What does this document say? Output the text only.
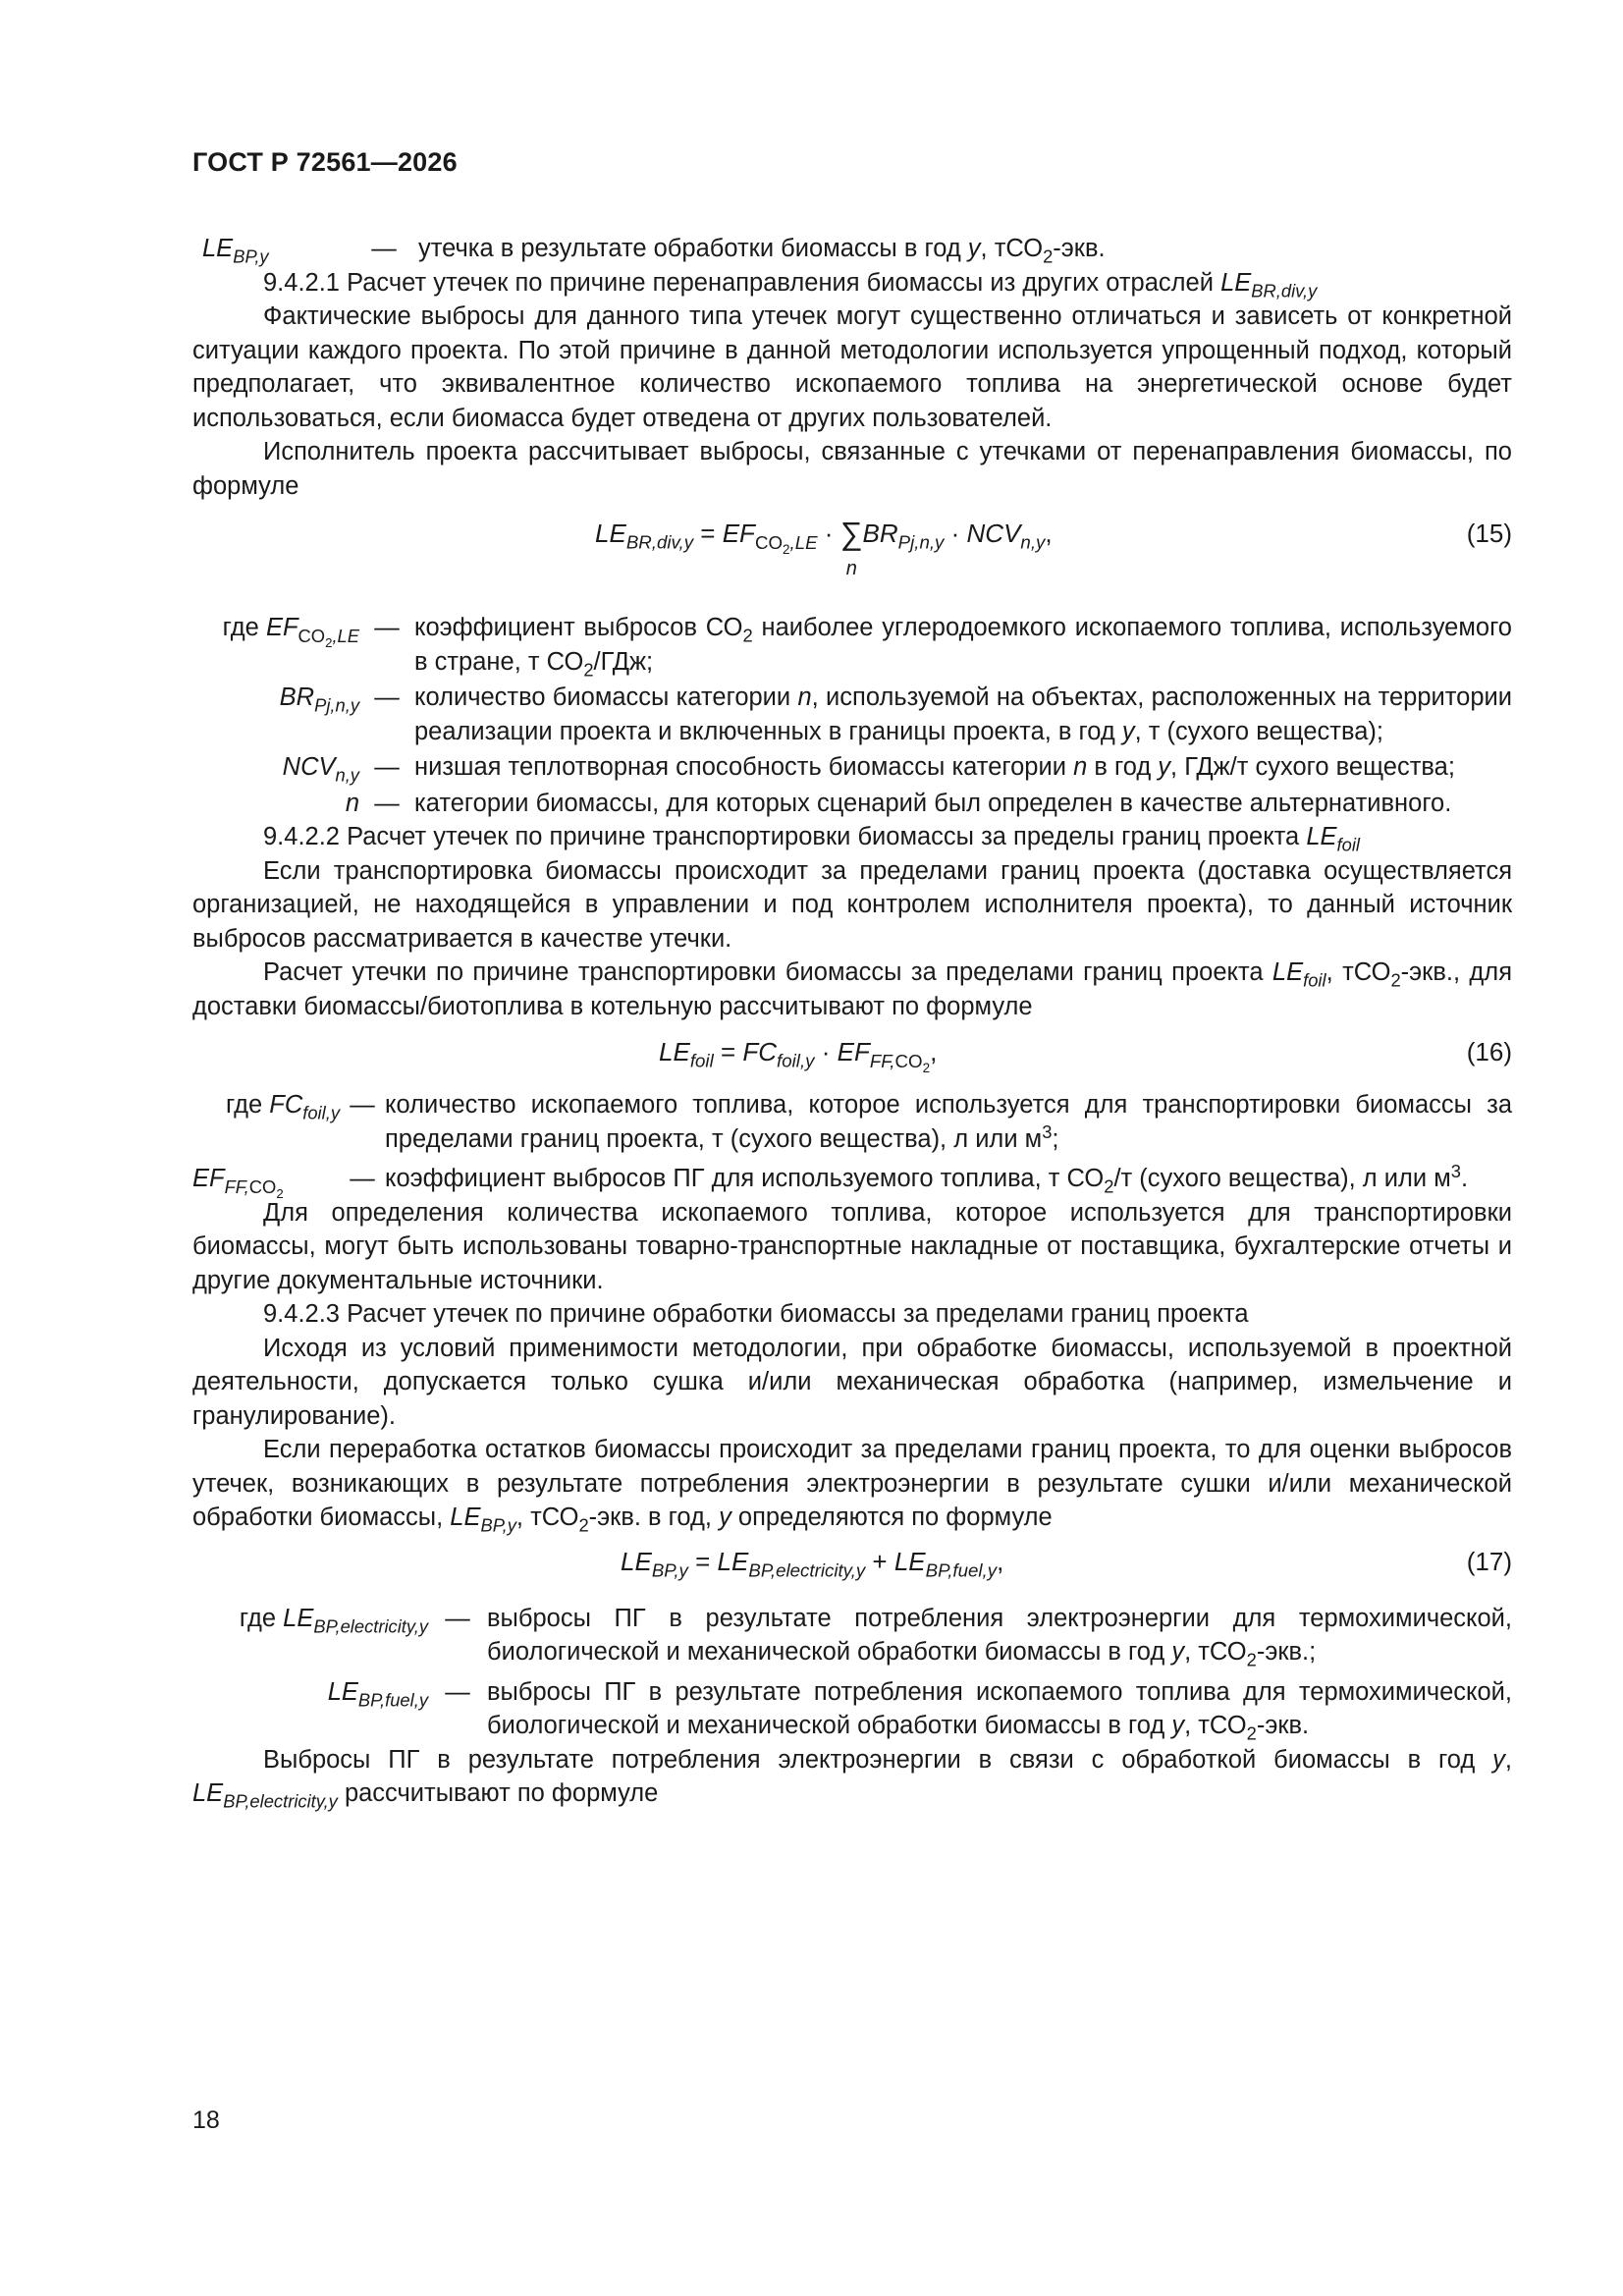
ГОСТ Р 72561—2026
$LE_{BP,y}$	— утечка в результате обработки биомассы в год y, тСО$_2$-экв.

9.4.2.1 Расчет утечек по причине перенаправления биомассы из других отраслей $LE_{BR,div,y}$

Фактические выбросы для данного типа утечек могут существенно отличаться и зависеть от конкретной ситуации каждого проекта. По этой причине в данной методологии используется упрощенный подход, который предполагает, что эквивалентное количество ископаемого топлива на энергетической основе будет использоваться, если биомасса будет отведена от других пользователей.

Исполнитель проекта рассчитывает выбросы, связанные с утечками от перенаправления биомассы, по формуле

$LE_{BR,div,y} = EF_{CO_2,LE}$ · ∑
n
$BR_{Pj,n,y} \cdot NCV_{n,y}$,	(15)
где $EF_{CO_2,LE}$ — коэффициент выбросов $СО_2$ наиболее углеродоемкого ископаемого топлива, используемого в стране, т $СО_2$/ГДж;
$BR_{Pj,n,y}$ — количество биомассы категории n, используемой на объектах, расположенных на территории реализации проекта и включенных в границы проекта, в год y, т (сухого вещества);
$NCV_{n,y}$ — низшая теплотворная способность биомассы категории n в год y, ГДж/т сухого вещества;
n — категории биомассы, для которых сценарий был определен в качестве альтернативного.

9.4.2.2 Расчет утечек по причине транспортировки биомассы за пределы границ проекта $LE_{foil}$

Если транспортировка биомассы происходит за пределами границ проекта (доставка осуществляется организацией, не находящейся в управлении и под контролем исполнителя проекта), то данный источник выбросов рассматривается в качестве утечки.

Расчет утечки по причине транспортировки биомассы за пределами границ проекта $LE_{foil}$, тСО$_2$-экв., для доставки биомассы/биотоплива в котельную рассчитывают по формуле

$LE_{foil} = FC_{foil,y} \cdot EF_{FF,CO_2}$,	(16)
где $FC_{foil,y}$ — количество ископаемого топлива, которое используется для транспортировки биомассы за пределами границ проекта, т (сухого вещества), л или $м^3$;
$EF_{FF,CO_2}$
— коэффициент выбросов ПГ для используемого топлива, т $СО_2/т$ (сухого вещества), л или $м^3$.

Для определения количества ископаемого топлива, которое используется для транспортировки биомассы, могут быть использованы товарно-транспортные накладные от поставщика, бухгалтерские отчеты и другие документальные источники.

9.4.2.3 Расчет утечек по причине обработки биомассы за пределами границ проекта

Исходя из условий применимости методологии, при обработке биомассы, используемой в проектной деятельности, допускается только сушка и/или механическая обработка (например, измельчение и гранулирование).

Если переработка остатков биомассы происходит за пределами границ проекта, то для оценки выбросов утечек, возникающих в результате потребления электроэнергии в результате сушки и/или механической обработки биомассы, $LE_{BP,y}$, тСО$_2$-экв. в год, y определяются по формуле

$LE_{BP,y} = LE_{BP,electricity,y} + LE_{BP,fuel,y}$,	(17)
где $LE_{BP,electricity,y}$ — выбросы ПГ в результате потребления электроэнергии для термохимической, биологической и механической обработки биомассы в год y, тСО$_2$-экв.;
$LE_{BP,fuel,y}$ — выбросы ПГ в результате потребления ископаемого топлива для термохимической, биологической и механической обработки биомассы в год y, тСО$_2$-экв.

Выбросы ПГ в результате потребления электроэнергии в связи с обработкой биомассы в год y, $LE_{BP,electricity,y}$ рассчитывают по формуле

18
